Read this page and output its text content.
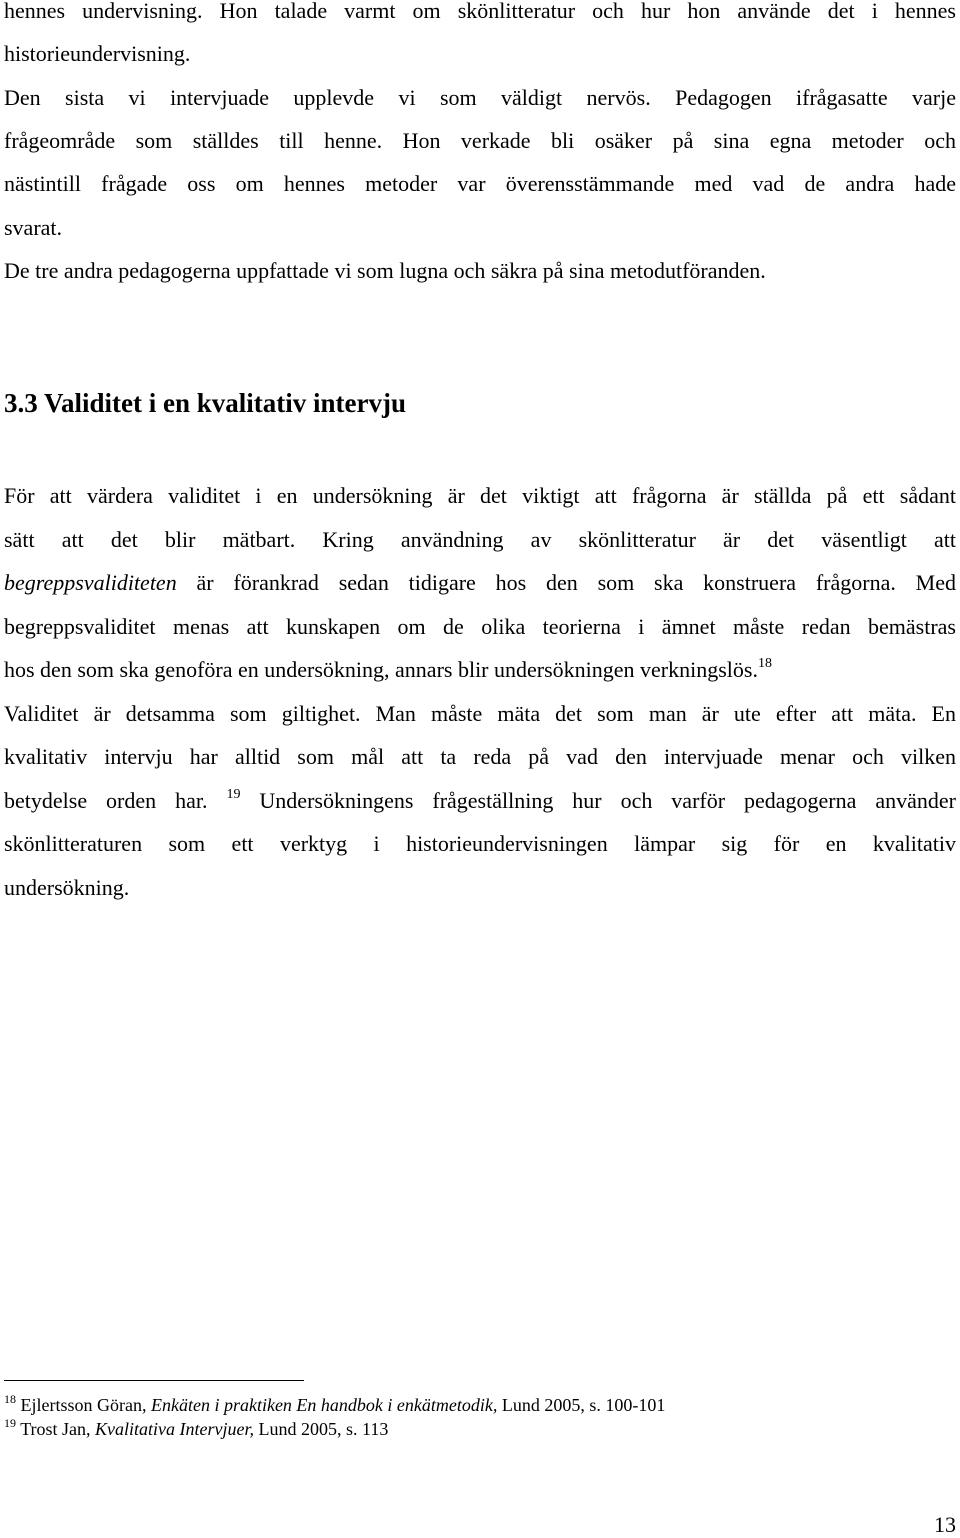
hennes undervisning. Hon talade varmt om skönlitteratur och hur hon använde det i hennes
historieundervisning.
Den sista vi intervjuade upplevde vi som väldigt nervös. Pedagogen ifrågasatte varje
frågeområde som ställdes till henne. Hon verkade bli osäker på sina egna metoder och
nästintill frågade oss om hennes metoder var överensstämmande med vad de andra hade
svarat.
De tre andra pedagogerna uppfattade vi som lugna och säkra på sina metodutföranden.
3.3 Validitet i en kvalitativ intervju
För att värdera validitet i en undersökning är det viktigt att frågorna är ställda på ett sådant
sätt att det blir mätbart. Kring användning av skönlitteratur är det väsentligt att
begreppsvaliditeten är förankrad sedan tidigare hos den som ska konstruera frågorna. Med
begreppsvaliditet menas att kunskapen om de olika teorierna i ämnet måste redan bemästras
hos den som ska genoföra en undersökning, annars blir undersökningen verkningslös.$^{18}$
Validitet är detsamma som giltighet. Man måste mäta det som man är ute efter att mäta. En
kvalitativ intervju har alltid som mål att ta reda på vad den intervjuade menar och vilken
betydelse orden har. $^{19}$ Undersökningens frågeställning hur och varför pedagogerna använder
skönlitteraturen som ett verktyg i historieundervisningen lämpar sig för en kvalitativ
undersökning.
$^{18}$ Ejlertsson Göran, Enkäten i praktiken En handbok i enkätmetodik, Lund 2005, s. 100-101
$^{19}$ Trost Jan, Kvalitativa Intervjuer, Lund 2005, s. 113
13
